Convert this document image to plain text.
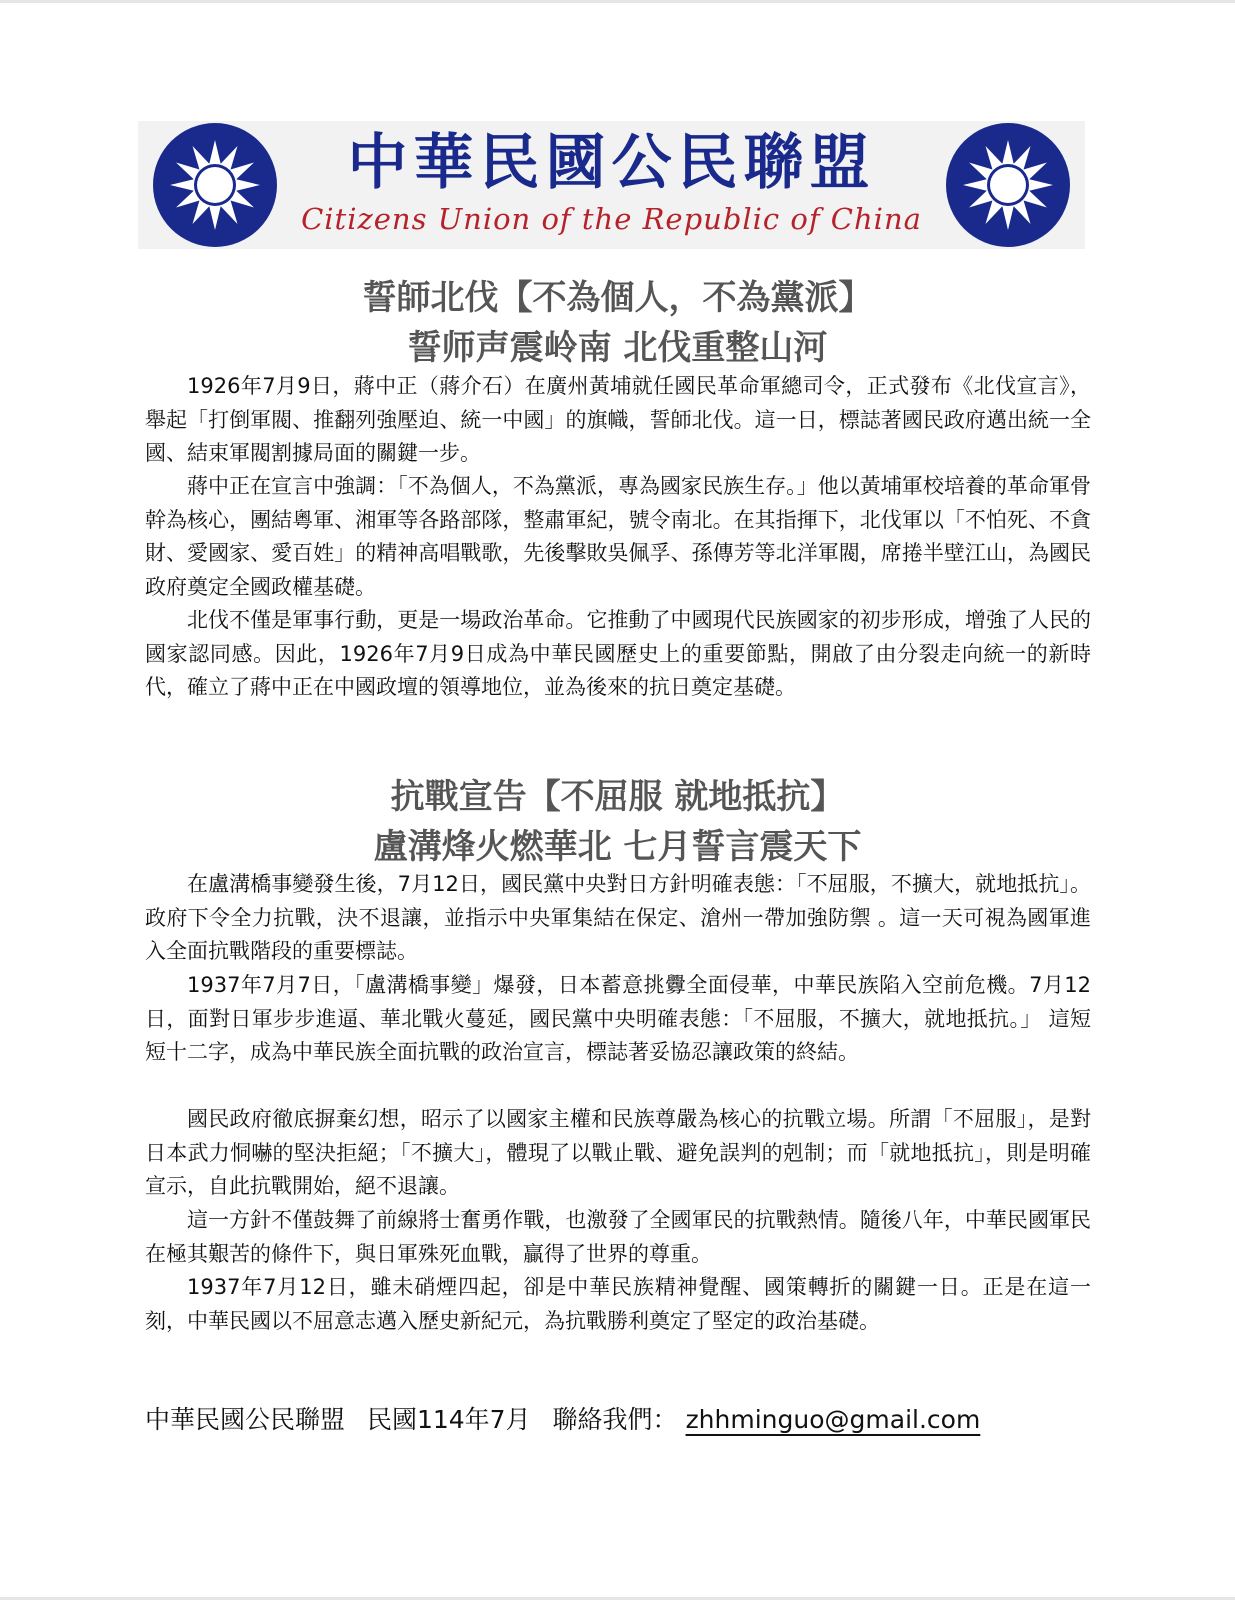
中華民國公民聯盟
Citizens Union of the Republic of China
誓師北伐【不為個人，不為黨派】
誓师声震岭南 北伐重整山河

1926年7月9日，蔣中正（蔣介石）在廣州黃埔就任國民革命軍總司令，正式發布《北伐宣言》，舉起「打倒軍閥、推翻列強壓迫、統一中國」的旗幟，誓師北伐。這一日，標誌著國民政府邁出統一全國、結束軍閥割據局面的關鍵一步。

蔣中正在宣言中強調：「不為個人，不為黨派，專為國家民族生存。」他以黃埔軍校培養的革命軍骨幹為核心，團結粵軍、湘軍等各路部隊，整肅軍紀，號令南北。在其指揮下，北伐軍以「不怕死、不貪財、愛國家、愛百姓」的精神高唱戰歌，先後擊敗吳佩孚、孫傳芳等北洋軍閥，席捲半壁江山，為國民政府奠定全國政權基礎。

北伐不僅是軍事行動，更是一場政治革命。它推動了中國現代民族國家的初步形成，增強了人民的國家認同感。因此，1926年7月9日成為中華民國歷史上的重要節點，開啟了由分裂走向統一的新時代，確立了蔣中正在中國政壇的領導地位，並為後來的抗日奠定基礎。

抗戰宣告【不屈服 就地抵抗】
盧溝烽火燃華北 七月誓言震天下

在盧溝橋事變發生後，7月12日，國民黨中央對日方針明確表態：「不屈服，不擴大，就地抵抗」。政府下令全力抗戰，決不退讓，並指示中央軍集結在保定、滄州一帶加強防禦 。這一天可視為國軍進入全面抗戰階段的重要標誌。

1937年7月7日，「盧溝橋事變」爆發，日本蓄意挑釁全面侵華，中華民族陷入空前危機。7月12日，面對日軍步步進逼、華北戰火蔓延，國民黨中央明確表態：「不屈服，不擴大，就地抵抗。」 這短短十二字，成為中華民族全面抗戰的政治宣言，標誌著妥協忍讓政策的終結。

國民政府徹底摒棄幻想，昭示了以國家主權和民族尊嚴為核心的抗戰立場。所謂「不屈服」，是對日本武力恫嚇的堅決拒絕；「不擴大」，體現了以戰止戰、避免誤判的剋制；而「就地抵抗」，則是明確宣示，自此抗戰開始，絕不退讓。

這一方針不僅鼓舞了前線將士奮勇作戰，也激發了全國軍民的抗戰熱情。隨後八年，中華民國軍民在極其艱苦的條件下，與日軍殊死血戰，贏得了世界的尊重。

1937年7月12日，雖未硝煙四起，卻是中華民族精神覺醒、國策轉折的關鍵一日。正是在這一刻，中華民國以不屈意志邁入歷史新紀元，為抗戰勝利奠定了堅定的政治基礎。

中華民國公民聯盟 民國114年7月 聯絡我們： zhhminguo@gmail.com
